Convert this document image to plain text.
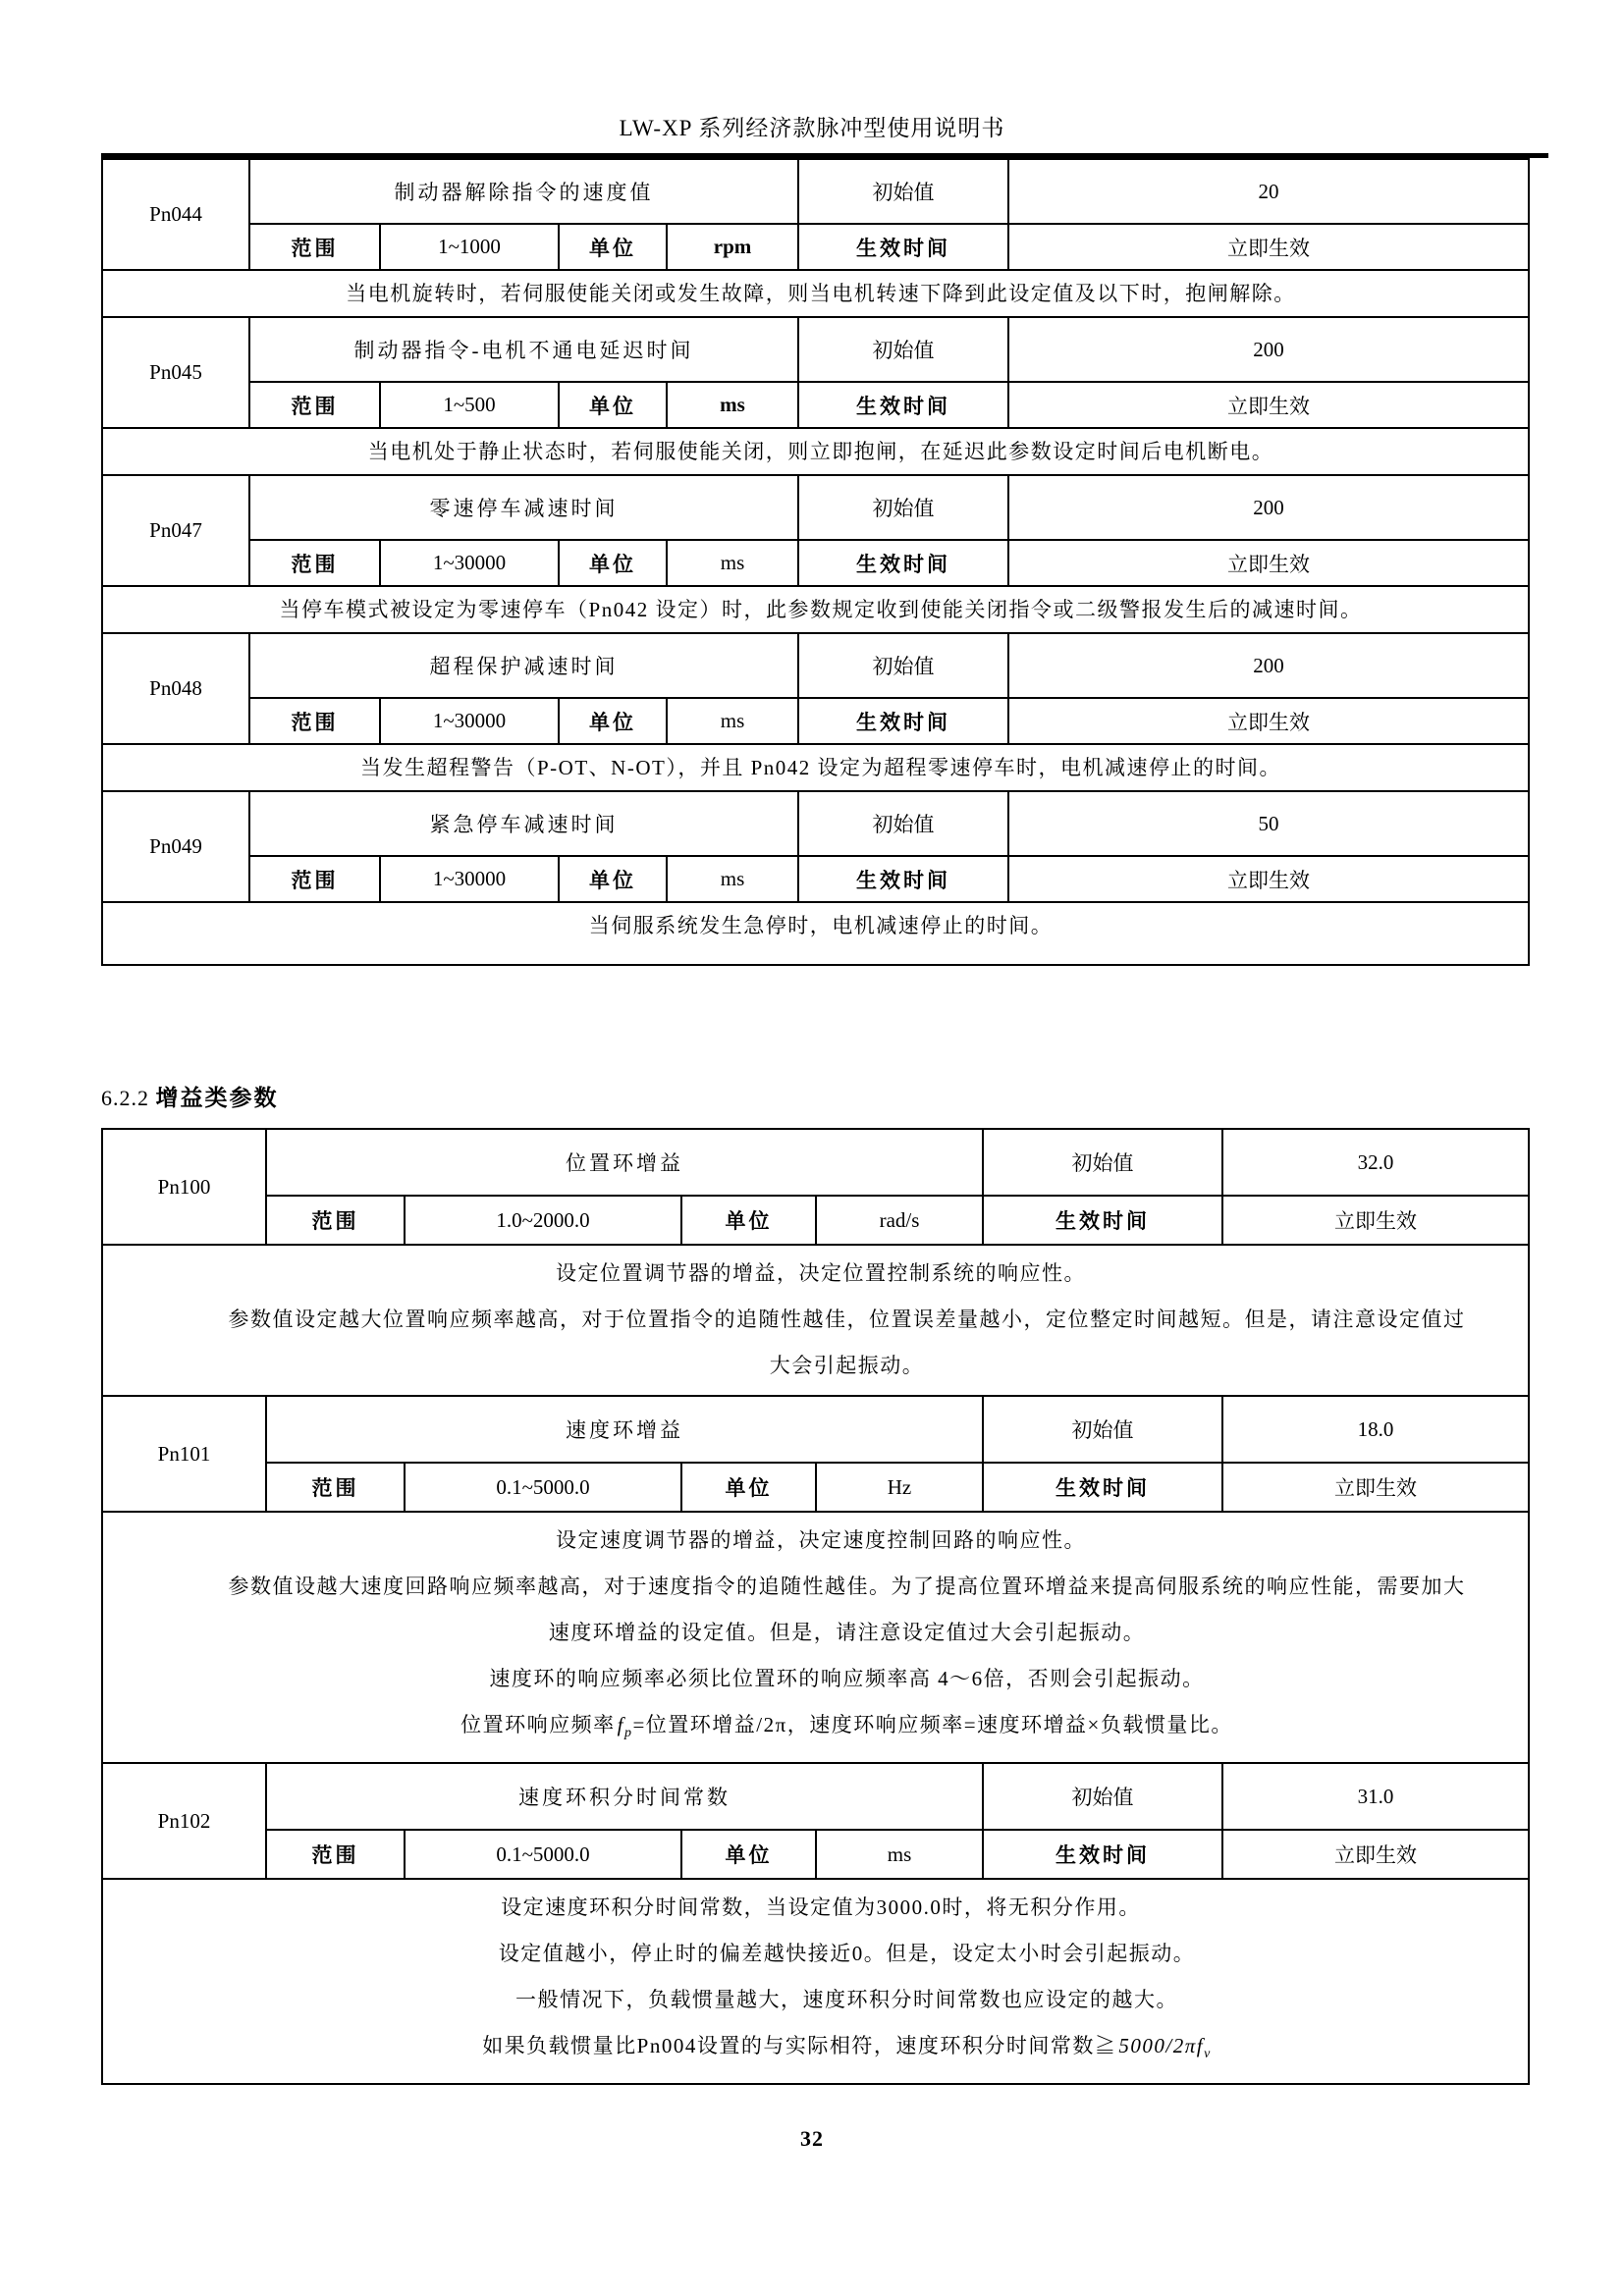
LW-XP 系列经济款脉冲型使用说明书
Pn044	制动器解除指令的速度值				初始值	20
	范围	1~1000	单位	rpm	生效时间	立即生效

当电机旋转时，若伺服使能关闭或发生故障，则当电机转速下降到此设定值及以下时，抱闸解除。						

Pn045	制动器指令-电机不通电延迟时间				初始值	200
	范围	1~500	单位	ms	生效时间	立即生效

当电机处于静止状态时，若伺服使能关闭，则立即抱闸，在延迟此参数设定时间后电机断电。						

Pn047	零速停车减速时间				初始值	200
	范围	1~30000	单位	ms	生效时间	立即生效

当停车模式被设定为零速停车（Pn042 设定）时，此参数规定收到使能关闭指令或二级警报发生后的减速时间。						

Pn048	超程保护减速时间				初始值	200
	范围	1~30000	单位	ms	生效时间	立即生效

当发生超程警告（P-OT、N-OT），并且 Pn042 设定为超程零速停车时，电机减速停止的时间。						

Pn049	紧急停车减速时间				初始值	50
	范围	1~30000	单位	ms	生效时间	立即生效

当伺服系统发生急停时，电机减速停止的时间。						
6.2.2 增益类参数
Pn100	位置环增益				初始值	32.0
	范围	1.0~2000.0	单位	rad/s	生效时间	立即生效

设定位置调节器的增益，决定位置控制系统的响应性。
参数值设定越大位置响应频率越高，对于位置指令的追随性越佳，位置误差量越小，定位整定时间越短。但是，请注意设定值过
大会引起振动。						

Pn101	速度环增益				初始值	18.0
	范围	0.1~5000.0	单位	Hz	生效时间	立即生效

设定速度调节器的增益，决定速度控制回路的响应性。
参数值设越大速度回路响应频率越高，对于速度指令的追随性越佳。为了提高位置环增益来提高伺服系统的响应性能，需要加大
速度环增益的设定值。但是，请注意设定值过大会引起振动。
速度环的响应频率必须比位置环的响应频率高 4～6倍，否则会引起振动。
位置环响应频率$f_p=$位置环增益/2π，速度环响应频率=速度环增益×负载惯量比。						

Pn102	速度环积分时间常数				初始值	31.0
	范围	0.1~5000.0	单位	ms	生效时间	立即生效

设定速度环积分时间常数，当设定值为3000.0时，将无积分作用。
设定值越小，停止时的偏差越快接近0。但是，设定太小时会引起振动。
一般情况下，负载惯量越大，速度环积分时间常数也应设定的越大。
如果负载惯量比Pn004设置的与实际相符，速度环积分时间常数$≧5000/2\pi f_v$
32
